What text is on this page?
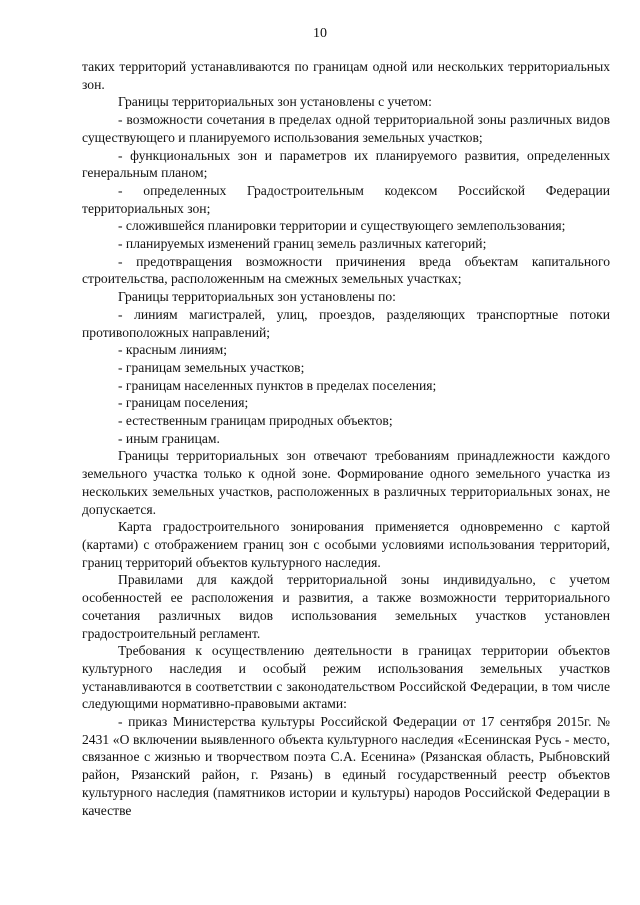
10

таких территорий устанавливаются по границам одной или нескольких территориальных зон.

Границы территориальных зон установлены с учетом:

- возможности сочетания в пределах одной территориальной зоны различных видов существующего и планируемого использования земельных участков;

- функциональных зон и параметров их планируемого развития, определенных генеральным планом;

- определенных Градостроительным кодексом Российской Федерации территориальных зон;

- сложившейся планировки территории и существующего землепользования;

- планируемых изменений границ земель различных категорий;

- предотвращения возможности причинения вреда объектам капитального строительства, расположенным на смежных земельных участках;

Границы территориальных зон установлены по:

- линиям магистралей, улиц, проездов, разделяющих транспортные потоки противоположных направлений;

- красным линиям;

- границам земельных участков;

- границам населенных пунктов в пределах поселения;

- границам поселения;

- естественным границам природных объектов;

- иным границам.

Границы территориальных зон отвечают требованиям принадлежности каждого земельного участка только к одной зоне. Формирование одного земельного участка из нескольких земельных участков, расположенных в различных территориальных зонах, не допускается.

Карта градостроительного зонирования применяется одновременно с картой (картами) с отображением границ зон с особыми условиями использования территорий, границ территорий объектов культурного наследия.

Правилами для каждой территориальной зоны индивидуально, с учетом особенностей ее расположения и развития, а также возможности территориального сочетания различных видов использования земельных участков установлен градостроительный регламент.

Требования к осуществлению деятельности в границах территории объектов культурного наследия и особый режим использования земельных участков устанавливаются в соответствии с законодательством Российской Федерации, в том числе следующими нормативно-правовыми актами:

- приказ Министерства культуры Российской Федерации от 17 сентября 2015г. № 2431 «О включении выявленного объекта культурного наследия «Есенинская Русь - место, связанное с жизнью и творчеством поэта С.А. Есенина» (Рязанская область, Рыбновский район, Рязанский район, г. Рязань) в единый государственный реестр объектов культурного наследия (памятников истории и культуры) народов Российской Федерации в качестве
